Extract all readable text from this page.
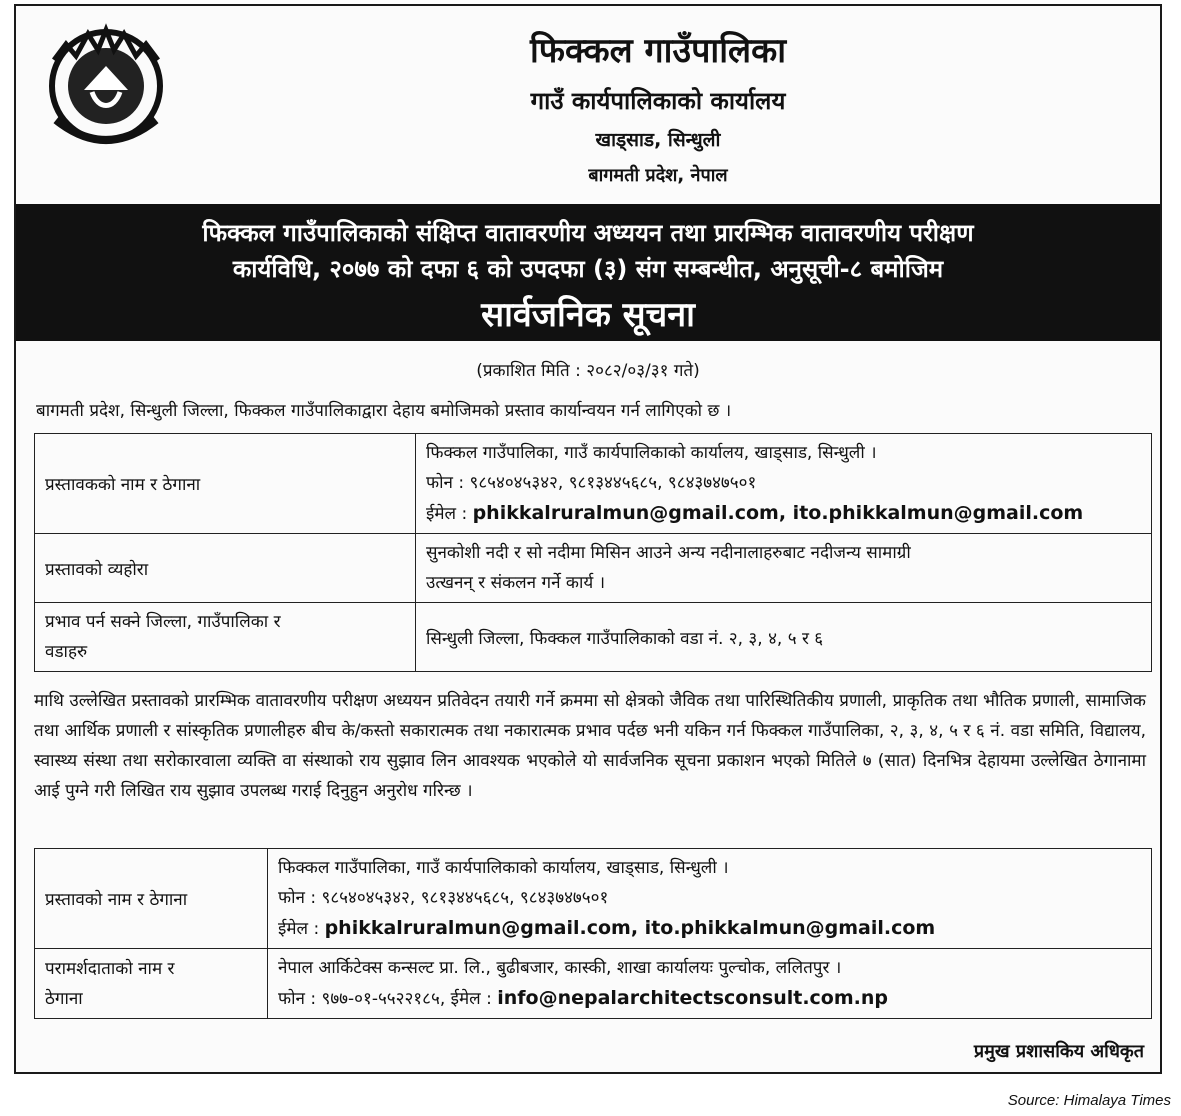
फिक्कल गाउँपालिका
गाउँ कार्यपालिकाको कार्यालय
खाड्साड, सिन्धुली
बागमती प्रदेश, नेपाल
फिक्कल गाउँपालिकाको संक्षिप्त वातावरणीय अध्ययन तथा प्रारम्भिक वातावरणीय परीक्षण
कार्यविधि, २०७७ को दफा ६ को उपदफा (३) संग सम्बन्धीत, अनुसूची-८ बमोजिम
सार्वजनिक सूचना
(प्रकाशित मिति : २०८२/०३/३१ गते)
बागमती प्रदेश, सिन्धुली जिल्ला, फिक्कल गाउँपालिकाद्वारा देहाय बमोजिमको प्रस्ताव कार्यान्वयन गर्न लागिएको छ ।
प्रस्तावकको नाम र ठेगाना	फिक्कल गाउँपालिका, गाउँ कार्यपालिकाको कार्यालय, खाड्साड, सिन्धुली ।
फोन : ९८५४०४५३४२, ९८१३४४५६८५, ९८४३७४७५०१
ईमेल : phikkalruralmun@gmail.com, ito.phikkalmun@gmail.com

प्रस्तावको व्यहोरा	सुनकोशी नदी र सो नदीमा मिसिन आउने अन्य नदीनालाहरुबाट नदीजन्य सामाग्री
उत्खनन् र संकलन गर्ने कार्य ।

प्रभाव पर्न सक्ने जिल्ला, गाउँपालिका र
वडाहरु	सिन्धुली जिल्ला, फिक्कल गाउँपालिकाको वडा नं. २, ३, ४, ५ र ६
माथि उल्लेखित प्रस्तावको प्रारम्भिक वातावरणीय परीक्षण अध्ययन प्रतिवेदन तयारी गर्ने क्रममा सो क्षेत्रको जैविक तथा पारिस्थितिकीय प्रणाली, प्राकृतिक तथा भौतिक प्रणाली, सामाजिक तथा आर्थिक प्रणाली र सांस्कृतिक प्रणालीहरु बीच के/कस्तो सकारात्मक तथा नकारात्मक प्रभाव पर्दछ भनी यकिन गर्न फिक्कल गाउँपालिका, २, ३, ४, ५ र ६ नं. वडा समिति, विद्यालय, स्वास्थ्य संस्था तथा सरोकारवाला व्यक्ति वा संस्थाको राय सुझाव लिन आवश्यक भएकोले यो सार्वजनिक सूचना प्रकाशन भएको मितिले ७ (सात) दिनभित्र देहायमा उल्लेखित ठेगानामा आई पुग्ने गरी लिखित राय सुझाव उपलब्ध गराई दिनुहुन अनुरोध गरिन्छ ।
प्रस्तावको नाम र ठेगाना	फिक्कल गाउँपालिका, गाउँ कार्यपालिकाको कार्यालय, खाड्साड, सिन्धुली ।
फोन : ९८५४०४५३४२, ९८१३४४५६८५, ९८४३७४७५०१
ईमेल : phikkalruralmun@gmail.com, ito.phikkalmun@gmail.com

परामर्शदाताको नाम र
ठेगाना	नेपाल आर्किटेक्स कन्सल्ट प्रा. लि., बुढीबजार, कास्की, शाखा कार्यालयः पुल्चोक, ललितपुर ।
फोन : ९७७-०१-५५२२१८५, ईमेल : info@nepalarchitectsconsult.com.np
प्रमुख प्रशासकिय अधिकृत
Source: Himalaya Times
